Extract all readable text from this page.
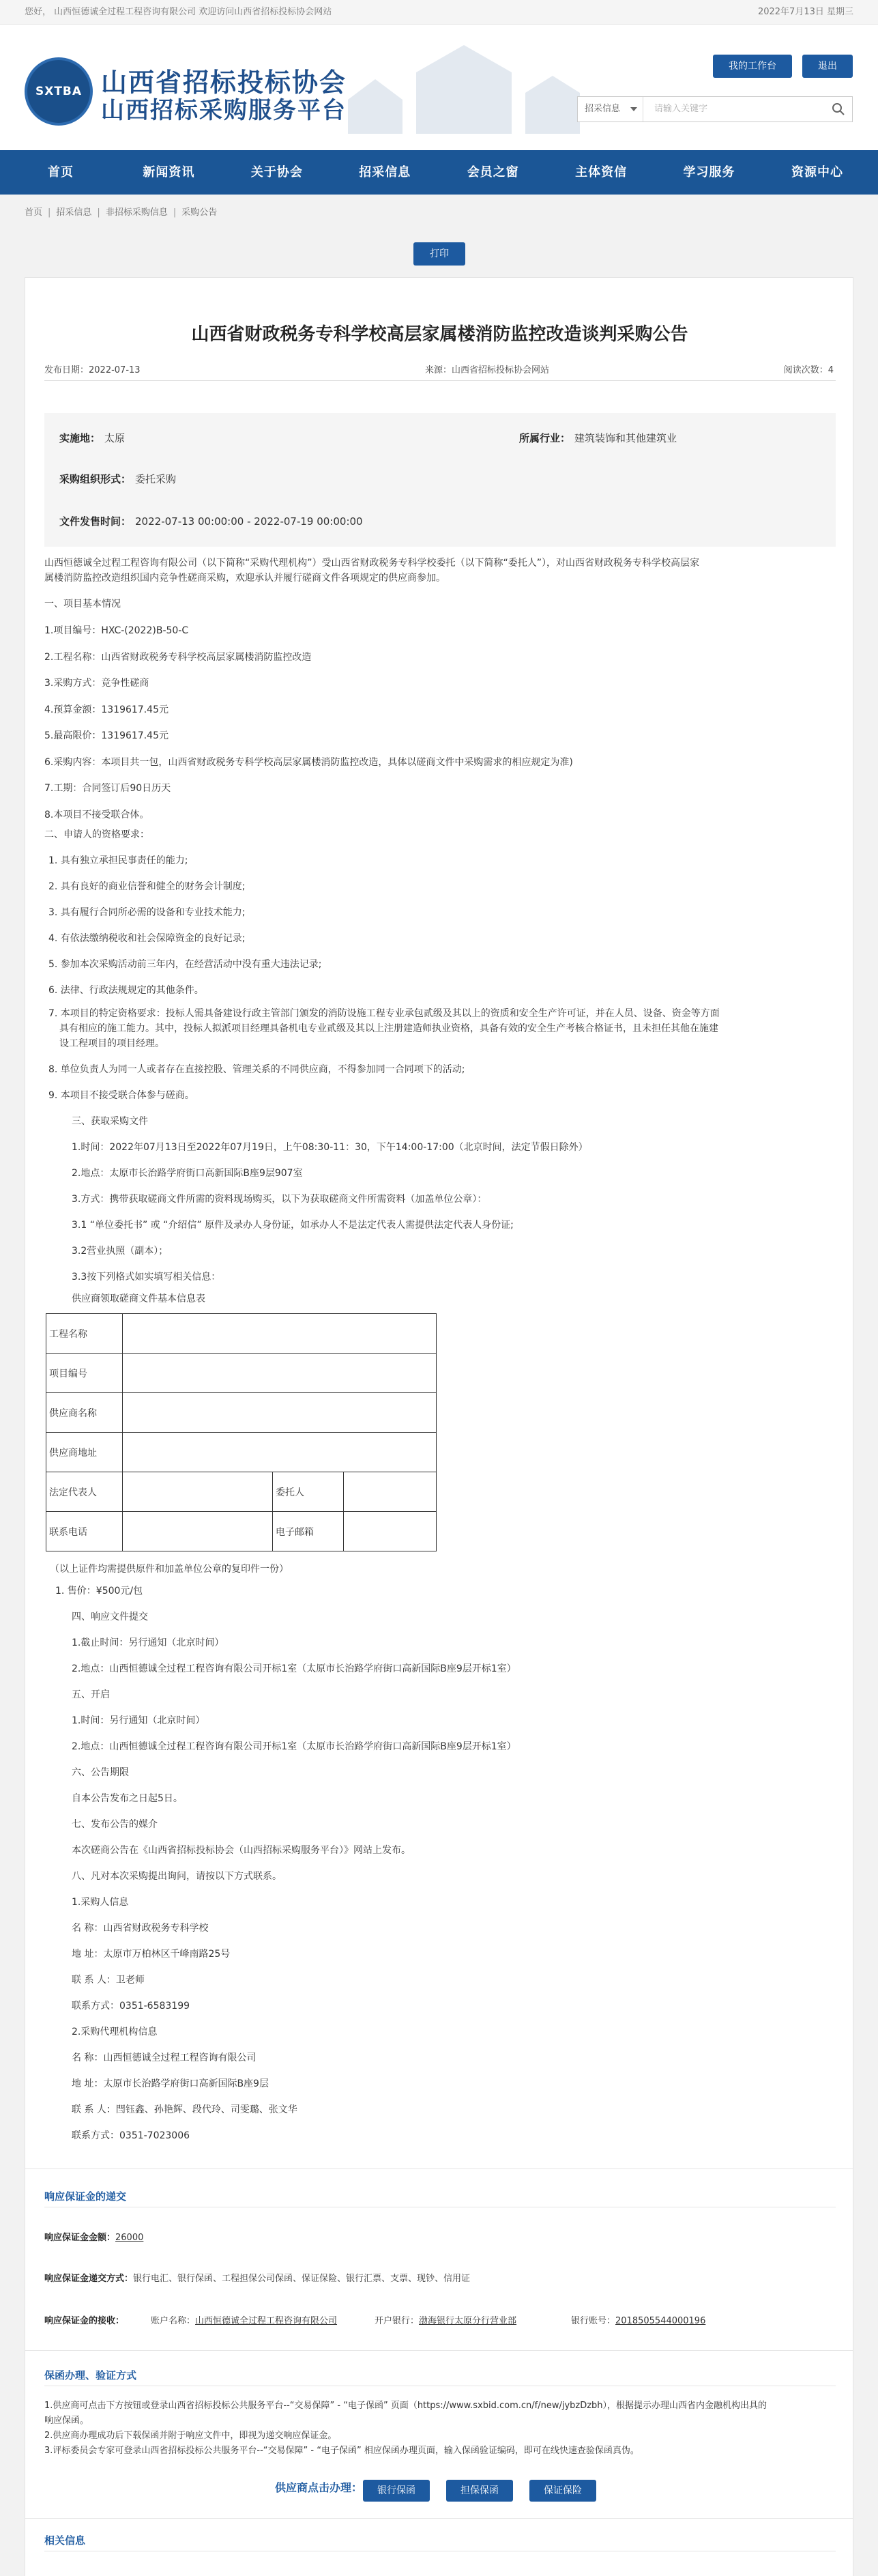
您好， 山西恒德诚全过程工程咨询有限公司 欢迎访问山西省招标投标协会网站	2022年7月13日 星期三
SXTBA 山西省招标投标协会
山西招标采购服务平台
我的工作台	退出
招采信息	请输入关键字
首页	新闻资讯	关于协会	招采信息	会员之窗	主体资信	学习服务	资源中心
首页 | 招采信息 | 非招标采购信息 | 采购公告
打印
山西省财政税务专科学校高层家属楼消防监控改造谈判采购公告
发布日期：2022-07-13	来源：山西省招标投标协会网站	阅读次数：4
实施地： 太原	所属行业： 建筑装饰和其他建筑业
采购组织形式： 委托采购
文件发售时间： 2022-07-13 00:00:00 - 2022-07-19 00:00:00
山西恒德诚全过程工程咨询有限公司（以下简称“采购代理机构”）受山西省财政税务专科学校委托（以下简称“委托人”），对山西省财政税务专科学校高层家
属楼消防监控改造组织国内竞争性磋商采购，欢迎承认并履行磋商文件各项规定的供应商参加。
一、项目基本情况
1.项目编号：HXC-(2022)B-50-C
2.工程名称：山西省财政税务专科学校高层家属楼消防监控改造
3.采购方式：竞争性磋商
4.预算金额：1319617.45元
5.最高限价：1319617.45元
6.采购内容：本项目共一包，山西省财政税务专科学校高层家属楼消防监控改造，具体以磋商文件中采购需求的相应规定为准)
7.工期：合同签订后90日历天
8.本项目不接受联合体。
二、申请人的资格要求：
1. 具有独立承担民事责任的能力;
2. 具有良好的商业信誉和健全的财务会计制度;
3. 具有履行合同所必需的设备和专业技术能力;
4. 有依法缴纳税收和社会保障资金的良好记录;
5. 参加本次采购活动前三年内，在经营活动中没有重大违法记录;
6. 法律、行政法规规定的其他条件。
7. 本项目的特定资格要求：投标人需具备建设行政主管部门颁发的消防设施工程专业承包贰级及其以上的资质和安全生产许可证，并在人员、设备、资金等方面
具有相应的施工能力。其中，投标人拟派项目经理具备机电专业贰级及其以上注册建造师执业资格，具备有效的安全生产考核合格证书，且未担任其他在施建
设工程项目的项目经理。
8. 单位负责人为同一人或者存在直接控股、管理关系的不同供应商，不得参加同一合同项下的活动;
9. 本项目不接受联合体参与磋商。
三、获取采购文件
1.时间：2022年07月13日至2022年07月19日，上午08:30-11：30，下午14:00-17:00（北京时间，法定节假日除外）
2.地点：太原市长治路学府街口高新国际B座9层907室
3.方式：携带获取磋商文件所需的资料现场购买，以下为获取磋商文件所需资料（加盖单位公章）：
3.1 “单位委托书” 或 “介绍信” 原件及录办人身份证，如承办人不是法定代表人需提供法定代表人身份证;
3.2营业执照（副本）；
3.3按下列格式如实填写相关信息：
供应商领取磋商文件基本信息表
工程名称			
项目编号			
供应商名称			
供应商地址			
法定代表人		委托人	
联系电话		电子邮箱	
（以上证件均需提供原件和加盖单位公章的复印件一份）
1. 售价：¥500元/包
四、响应文件提交
1.截止时间：另行通知（北京时间）
2.地点：山西恒德诚全过程工程咨询有限公司开标1室（太原市长治路学府街口高新国际B座9层开标1室）
五、开启
1.时间：另行通知（北京时间）
2.地点：山西恒德诚全过程工程咨询有限公司开标1室（太原市长治路学府街口高新国际B座9层开标1室）
六、公告期限
自本公告发布之日起5日。
七、发布公告的媒介
本次磋商公告在《山西省招标投标协会（山西招标采购服务平台）》网站上发布。
八、凡对本次采购提出询问，请按以下方式联系。
1.采购人信息
名 称：山西省财政税务专科学校
地 址：太原市万柏林区千峰南路25号
联 系 人：卫老师
联系方式：0351-6583199
2.采购代理机构信息
名 称：山西恒德诚全过程工程咨询有限公司
地 址：太原市长治路学府街口高新国际B座9层
联 系 人：閆钰鑫、孙艳辉、段代玲、司雯璐、张文华
联系方式：0351-7023006
响应保证金的递交
响应保证金金额：26000
响应保证金递交方式：银行电汇、银行保函、工程担保公司保函、保证保险、银行汇票、支票、现钞、信用证
响应保证金的接收：	账户名称：山西恒德诚全过程工程咨询有限公司	开户银行：渤海银行太原分行营业部	银行账号：2018505544000196
保函办理、验证方式
1.供应商可点击下方按钮或登录山西省招标投标公共服务平台--“交易保障” - “电子保函” 页面（https://www.sxbid.com.cn/f/new/jybzDzbh），根据提示办理山西省内金融机构出具的
响应保函。
2.供应商办理成功后下载保函并附于响应文件中，即视为递交响应保证金。
3.评标委员会专家可登录山西省招标投标公共服务平台--“交易保障” - “电子保函” 相应保函办理页面，输入保函验证编码，即可在线快速查验保函真伪。
供应商点击办理：
相关信息
银行保函	担保保函	保证保险
